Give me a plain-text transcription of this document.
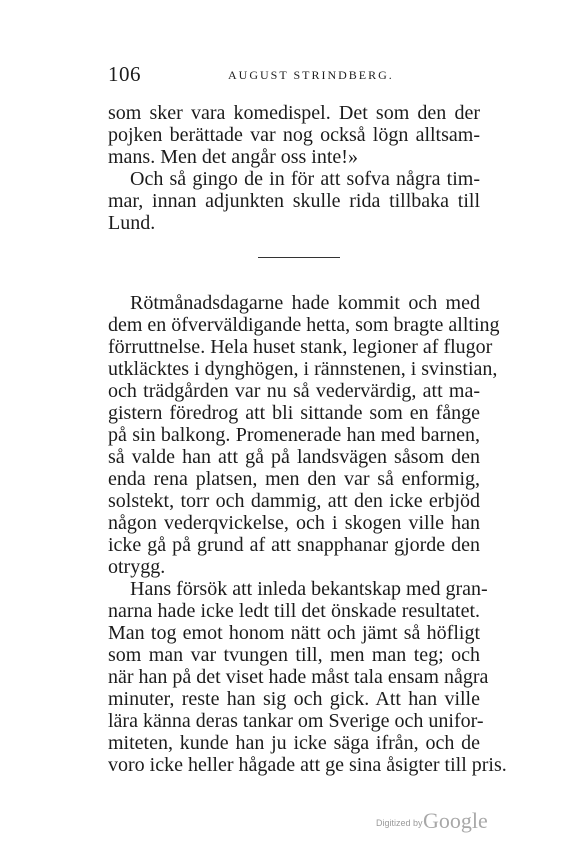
106	AUGUST STRINDBERG.
som sker vara komedispel. Det som den der
pojken berättade var nog också lögn alltsam-
mans. Men det angår oss inte!»
Och så gingo de in för att sofva några tim-
mar, innan adjunkten skulle rida tillbaka till
Lund.
Rötmånadsdagarne hade kommit och med
dem en öfverväldigande hetta, som bragte allting
förruttnelse. Hela huset stank, legioner af flugor
utkläcktes i dynghögen, i rännstenen, i svinstian,
och trädgården var nu så vedervärdig, att ma-
gistern föredrog att bli sittande som en fånge
på sin balkong. Promenerade han med barnen,
så valde han att gå på landsvägen såsom den
enda rena platsen, men den var så enformig,
solstekt, torr och dammig, att den icke erbjöd
någon vederqvickelse, och i skogen ville han
icke gå på grund af att snapphanar gjorde den
otrygg.
Hans försök att inleda bekantskap med gran-
narna hade icke ledt till det önskade resultatet.
Man tog emot honom nätt och jämt så höfligt
som man var tvungen till, men man teg; och
när han på det viset hade måst tala ensam några
minuter, reste han sig och gick. Att han ville
lära känna deras tankar om Sverige och unifor-
miteten, kunde han ju icke säga ifrån, och de
voro icke heller hågade att ge sina åsigter till pris.
Digitized by Google
